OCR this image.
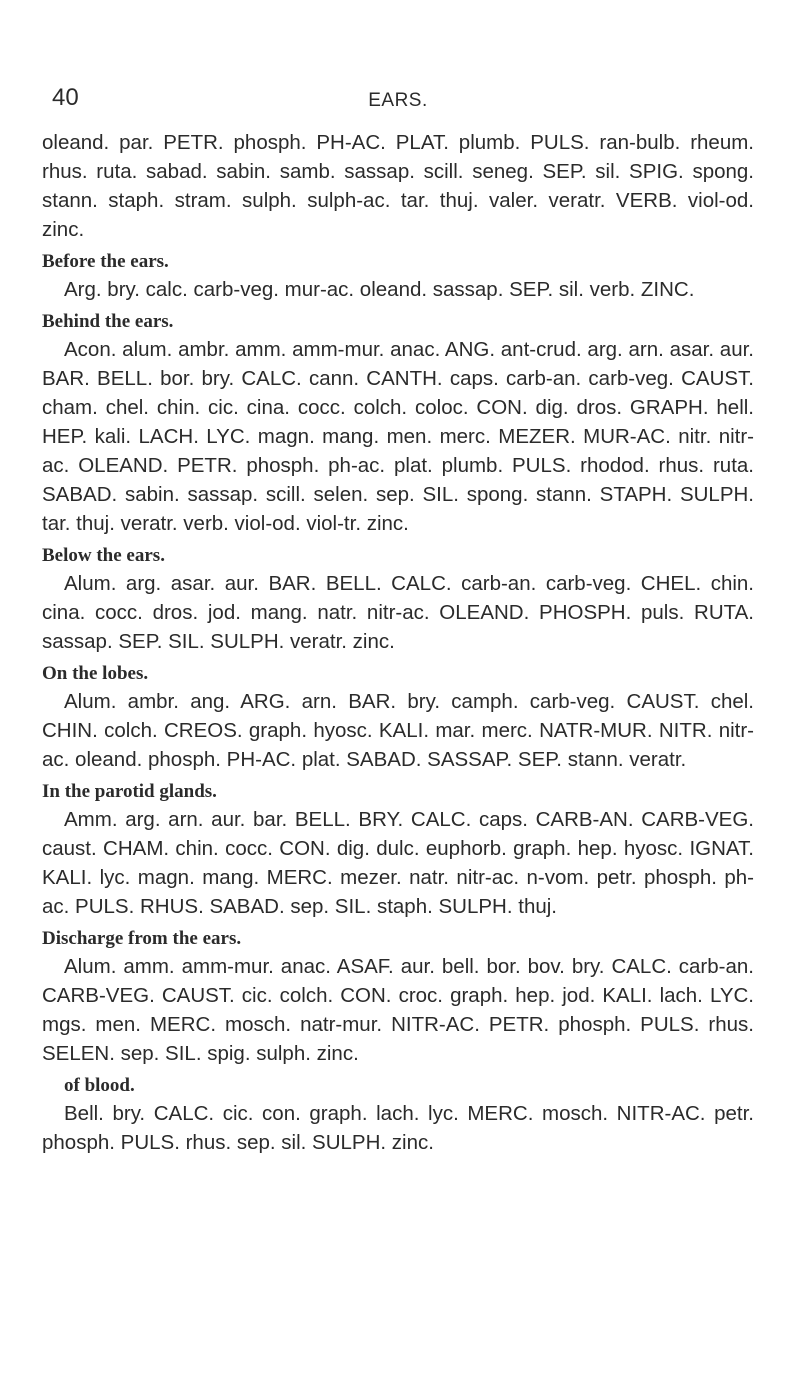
40	EARS.

oleand. par. PETR. phosph. PH-AC. PLAT. plumb. PULS. ran-bulb. rheum. rhus. ruta. sabad. sabin. samb. sassap. scill. seneg. SEP. sil. SPIG. spong. stann. staph. stram. sulph. sulph-ac. tar. thuj. valer. veratr. VERB. viol-od. zinc.

Before the ears.

Arg. bry. calc. carb-veg. mur-ac. oleand. sassap. SEP. sil. verb. ZINC.

Behind the ears.

Acon. alum. ambr. amm. amm-mur. anac. ANG. ant-crud. arg. arn. asar. aur. BAR. BELL. bor. bry. CALC. cann. CANTH. caps. carb-an. carb-veg. CAUST. cham. chel. chin. cic. cina. cocc. colch. coloc. CON. dig. dros. GRAPH. hell. HEP. kali. LACH. LYC. magn. mang. men. merc. MEZER. MUR-AC. nitr. nitr-ac. OLEAND. PETR. phosph. ph-ac. plat. plumb. PULS. rhodod. rhus. ruta. SABAD. sabin. sassap. scill. selen. sep. SIL. spong. stann. STAPH. SULPH. tar. thuj. veratr. verb. viol-od. viol-tr. zinc.

Below the ears.

Alum. arg. asar. aur. BAR. BELL. CALC. carb-an. carb-veg. CHEL. chin. cina. cocc. dros. jod. mang. natr. nitr-ac. OLEAND. PHOSPH. puls. RUTA. sassap. SEP. SIL. SULPH. veratr. zinc.

On the lobes.

Alum. ambr. ang. ARG. arn. BAR. bry. camph. carb-veg. CAUST. chel. CHIN. colch. CREOS. graph. hyosc. KALI. mar. merc. NATR-MUR. NITR. nitr-ac. oleand. phosph. PH-AC. plat. SABAD. SASSAP. SEP. stann. veratr.

In the parotid glands.

Amm. arg. arn. aur. bar. BELL. BRY. CALC. caps. CARB-AN. CARB-VEG. caust. CHAM. chin. cocc. CON. dig. dulc. euphorb. graph. hep. hyosc. IGNAT. KALI. lyc. magn. mang. MERC. mezer. natr. nitr-ac. n-vom. petr. phosph. ph-ac. PULS. RHUS. SABAD. sep. SIL. staph. SULPH. thuj.

Discharge from the ears.

Alum. amm. amm-mur. anac. ASAF. aur. bell. bor. bov. bry. CALC. carb-an. CARB-VEG. CAUST. cic. colch. CON. croc. graph. hep. jod. KALI. lach. LYC. mgs. men. MERC. mosch. natr-mur. NITR-AC. PETR. phosph. PULS. rhus. SELEN. sep. SIL. spig. sulph. zinc.

of blood.

Bell. bry. CALC. cic. con. graph. lach. lyc. MERC. mosch. NITR-AC. petr. phosph. PULS. rhus. sep. sil. SULPH. zinc.
